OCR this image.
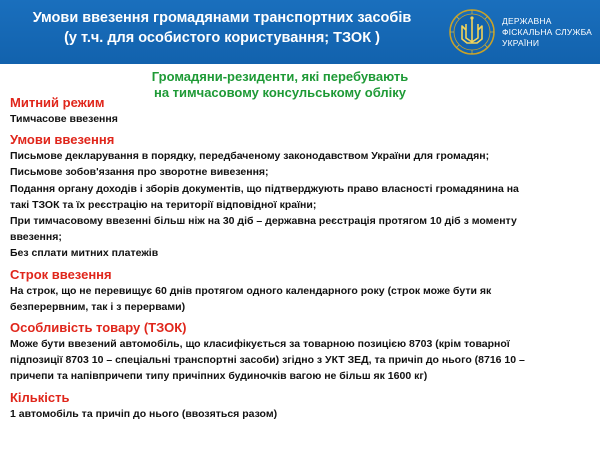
Умови ввезення громадянами транспортних засобів
(у т.ч. для особистого користування; ТЗОК )
ДЕРЖАВНА
ФІСКАЛЬНА СЛУЖБА
УКРАЇНИ
Громадяни-резиденти, які перебувають
на тимчасовому консульському обліку

Митний режим

Тимчасове ввезення

Умови ввезення

Письмове декларування в порядку, передбаченому законодавством України для громадян;

Письмове зобов'язання про зворотне вивезення;

Подання органу доходів і зборів документів, що підтверджують право власності громадянина на

такі ТЗОК та їх реєстрацію на території відповідної країни;

При тимчасовому ввезенні більш ніж на 30 діб – державна реєстрація протягом 10 діб з моменту

ввезення;

Без сплати митних платежів

Строк ввезення

На строк, що не перевищує 60 днів протягом одного календарного року (строк може бути як

безперервним, так і з перервами)

Особливість товару (ТЗОК)

Може бути ввезений автомобіль, що класифікується за товарною позицією 8703 (крім товарної

підпозиції 8703 10 – спеціальні транспортні засоби) згідно з УКТ ЗЕД, та причіп до нього (8716 10 –

причепи та напівпричепи типу причіпних будиночків вагою не більш як 1600 кг)

Кількість

1 автомобіль та причіп до нього (ввозяться разом)
